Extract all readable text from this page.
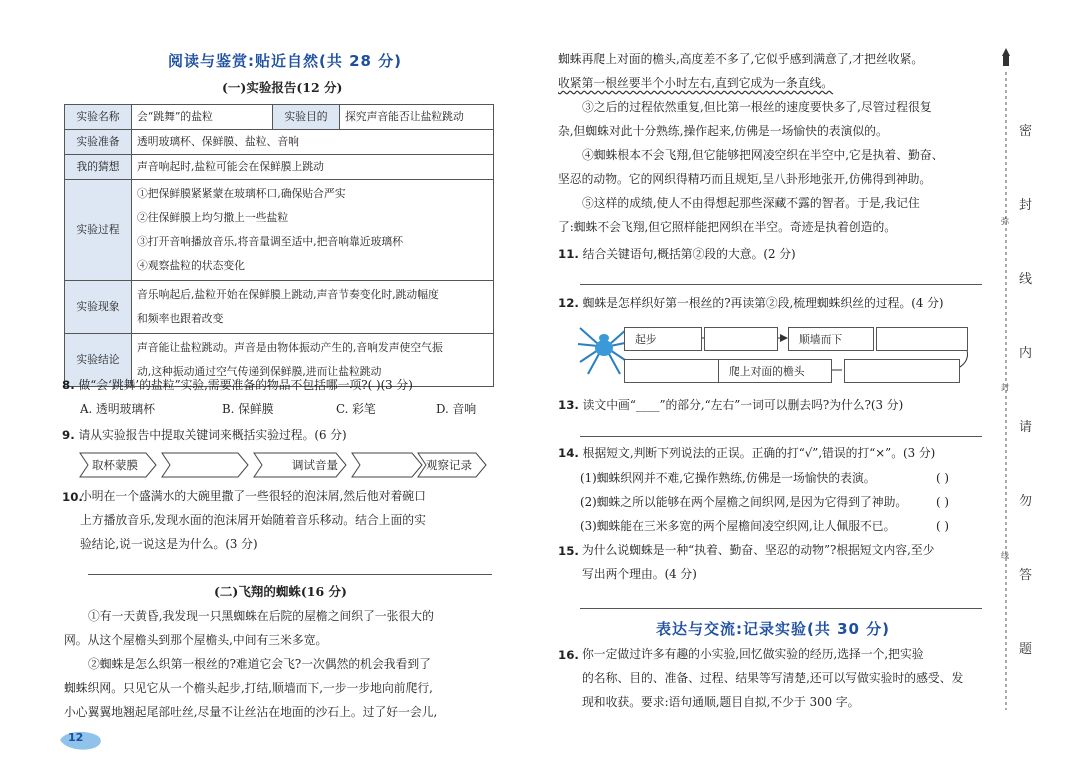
阅读与鉴赏:贴近自然(共 28 分)
(一)实验报告(12 分)
实验名称	会“跳舞”的盐粒	实验目的	探究声音能否让盐粒跳动
实验准备	透明玻璃杯、保鲜膜、盐粒、音响		
我的猜想	声音响起时,盐粒可能会在保鲜膜上跳动		
实验过程	①把保鲜膜紧紧蒙在玻璃杯口,确保贴合严实
②往保鲜膜上均匀撒上一些盐粒
③打开音响播放音乐,将音量调至适中,把音响靠近玻璃杯
④观察盐粒的状态变化		

实验现象	音乐响起后,盐粒开始在保鲜膜上跳动,声音节奏变化时,跳动幅度
和频率也跟着改变		

实验结论	声音能让盐粒跳动。声音是由物体振动产生的,音响发声使空气振
动,这种振动通过空气传递到保鲜膜,进而让盐粒跳动		
8. 做“会‘跳舞’的盐粒”实验,需要准备的物品不包括哪一项?( )(3 分)
A. 透明玻璃杯	B. 保鲜膜	C. 彩笔	D. 音响
9. 请从实验报告中提取关键词来概括实验过程。(6 分)
取杯蒙膜	调试音量	观察记录
10.
小明在一个盛满水的大碗里撒了一些很轻的泡沫屑,然后他对着碗口
上方播放音乐,发现水面的泡沫屑开始随着音乐移动。结合上面的实
验结论,说一说这是为什么。(3 分)
(二)飞翔的蜘蛛(16 分)
①有一天黄昏,我发现一只黑蜘蛛在后院的屋檐之间织了一张很大的
网。从这个屋檐头到那个屋檐头,中间有三米多宽。
②蜘蛛是怎么织第一根丝的?难道它会飞?一次偶然的机会我看到了
蜘蛛织网。只见它从一个檐头起步,打结,顺墙而下,一步一步地向前爬行,
小心翼翼地翘起尾部吐丝,尽量不让丝沾在地面的沙石上。过了好一会儿,
12
蜘蛛再爬上对面的檐头,高度差不多了,它似乎感到满意了,才把丝收紧。
收紧第一根丝要半个小时左右,直到它成为一条直线。
③之后的过程依然重复,但比第一根丝的速度要快多了,尽管过程很复
杂,但蜘蛛对此十分熟练,操作起来,仿佛是一场愉快的表演似的。
④蜘蛛根本不会飞翔,但它能够把网凌空织在半空中,它是执着、勤奋、
坚忍的动物。它的网织得精巧而且规矩,呈八卦形地张开,仿佛得到神助。
⑤这样的成绩,使人不由得想起那些深藏不露的智者。于是,我记住
了:蜘蛛不会飞翔,但它照样能把网织在半空。奇迹是执着创造的。
11. 结合关键语句,概括第②段的大意。(2 分)
12. 蜘蛛是怎样织好第一根丝的?再读第②段,梳理蜘蛛织丝的过程。(4 分)
起步	顺墙而下
爬上对面的檐头
13. 读文中画“____”的部分,“左右”一词可以删去吗?为什么?(3 分)
14. 根据短文,判断下列说法的正误。正确的打“√”,错误的打“×”。(3 分)
(1)蜘蛛织网并不难,它操作熟练,仿佛是一场愉快的表演。
(2)蜘蛛之所以能够在两个屋檐之间织网,是因为它得到了神助。
(3)蜘蛛能在三米多宽的两个屋檐间凌空织网,让人佩服不已。
( )
( )
( )
15. 为什么说蜘蛛是一种“执着、勤奋、坚忍的动物”?根据短文内容,至少
写出两个理由。(4 分)
表达与交流:记录实验(共 30 分)
16. 你一定做过许多有趣的小实验,回忆做实验的经历,选择一个,把实验
的名称、目的、准备、过程、结果等写清楚,还可以写做实验时的感受、发
现和收获。要求:语句通顺,题目自拟,不少于 300 字。
密
封
线
内
请
勿
答
题
弥
封
线
